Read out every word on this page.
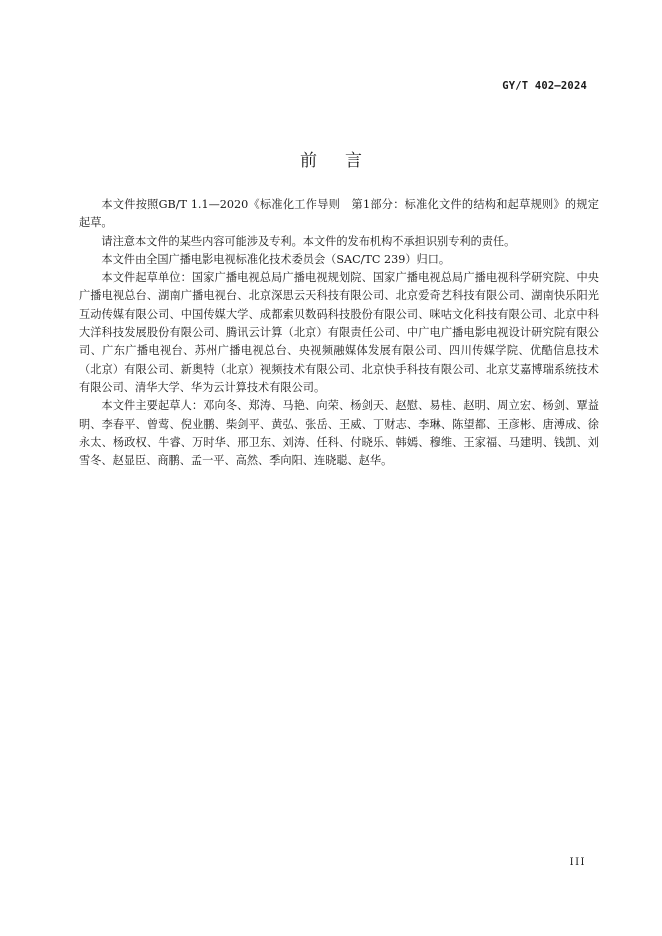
GY/T 402—2024
前言

本文件按照GB/T 1.1—2020《标准化工作导则　第1部分：标准化文件的结构和起草规则》的规定起草。

请注意本文件的某些内容可能涉及专利。本文件的发布机构不承担识别专利的责任。

本文件由全国广播电影电视标准化技术委员会（SAC/TC 239）归口。

本文件起草单位：国家广播电视总局广播电视规划院、国家广播电视总局广播电视科学研究院、中央广播电视总台、湖南广播电视台、北京深思云天科技有限公司、北京爱奇艺科技有限公司、湖南快乐阳光互动传媒有限公司、中国传媒大学、成都索贝数码科技股份有限公司、咪咕文化科技有限公司、北京中科大洋科技发展股份有限公司、腾讯云计算（北京）有限责任公司、中广电广播电影电视设计研究院有限公司、广东广播电视台、苏州广播电视总台、央视频融媒体发展有限公司、四川传媒学院、优酷信息技术（北京）有限公司、新奥特（北京）视频技术有限公司、北京快手科技有限公司、北京艾嘉博瑞系统技术有限公司、清华大学、华为云计算技术有限公司。

本文件主要起草人：邓向冬、郑涛、马艳、向荣、杨剑天、赵慰、易桂、赵明、周立宏、杨剑、覃益明、李春平、曾莺、倪业鹏、柴剑平、黄弘、张岳、王威、丁财志、李琳、陈望都、王彦彬、唐溥成、徐永太、杨政权、牛睿、万时华、邢卫东、刘涛、任科、付晓乐、韩嫣、穆维、王家福、马建明、钱凯、刘雪冬、赵显臣、商鹏、孟一平、高然、季向阳、连晓聪、赵华。

III
